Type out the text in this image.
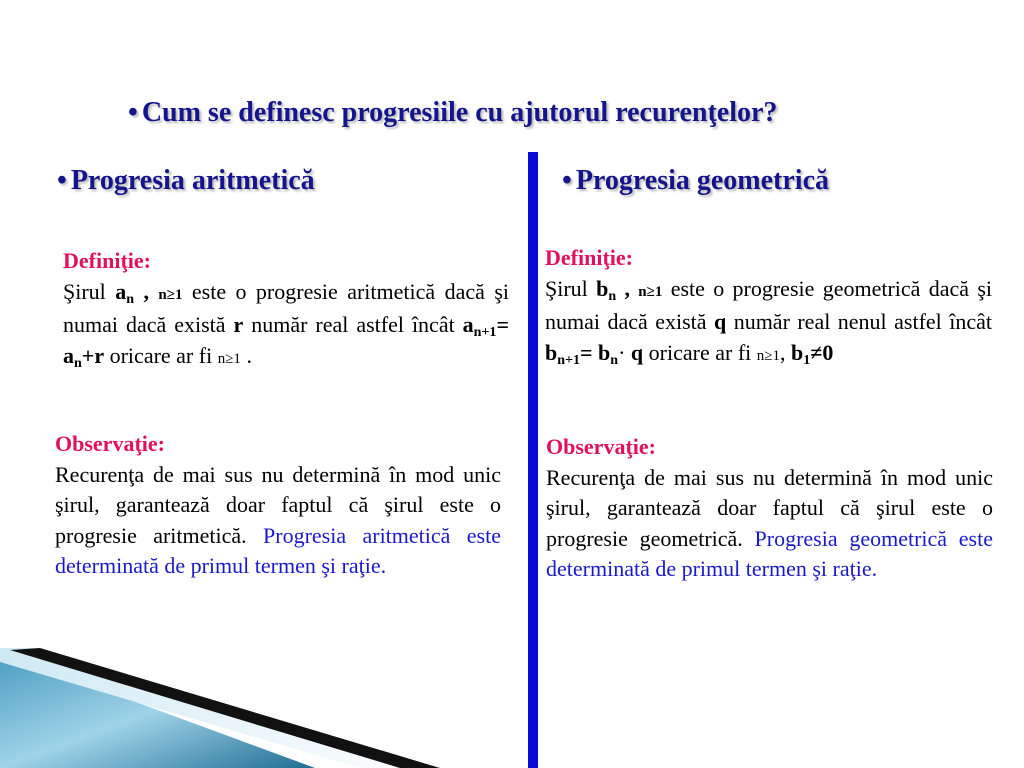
• Cum se definesc progresiile cu ajutorul recurenţelor?
• Progresia aritmetică	• Progresia geometrică
Definiţie:
Şirul $a_n$ , n≥1 este o progresie aritmetică dacă şi numai dacă există r număr real astfel încât $a_{n+1}= a_n+r$ oricare ar fi n≥1 .
Observaţie:
Recurenţa de mai sus nu determină în mod unic şirul, garantează doar faptul că şirul este o progresie aritmetică. Progresia aritmetică este determinată de primul termen şi raţie.
Definiţie:
Şirul $b_n$ , n≥1 este o progresie geometrică dacă şi numai dacă există q număr real nenul astfel încât $b_{n+1}= b_n\cdot q$ oricare ar fi n≥1, $b_1\ne 0$
Observaţie:
Recurenţa de mai sus nu determină în mod unic şirul, garantează doar faptul că şirul este o progresie geometrică. Progresia geometrică este determinată de primul termen şi raţie.
